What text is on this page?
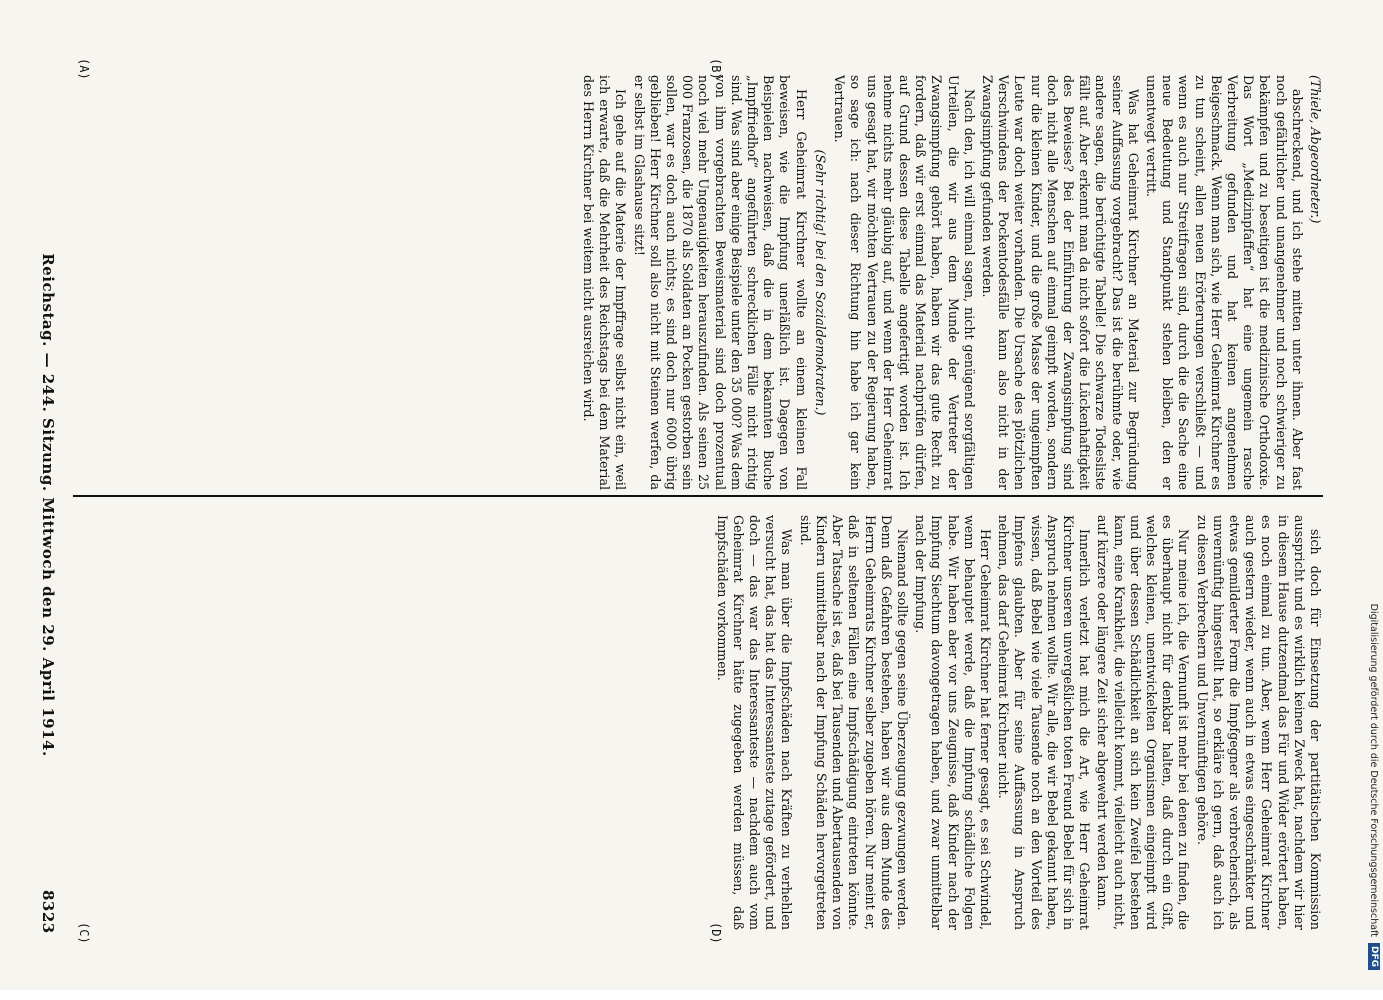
Digitalisierung gefördert durch die Deutsche Forschungsgemeinschaft
DFG
Reichstag. — 244. Sitzung. Mittwoch den 29. April 1914.
8323
(A)	(B)
(C)	(D)

(Thiele, Abgeordneter.)

abschreckend, und ich stehe mitten unter ihnen. Aber fast noch gefährlicher und unangenehmer und noch schwieriger zu bekämpfen und zu beseitigen ist die medizinische Orthodoxie. Das Wort „Medizinpfaffen“ hat eine ungemein rasche Verbreitung gefunden und hat keinen angenehmen Beigeschmack. Wenn man sich, wie Herr Geheimrat Kirchner es zu tun scheint, allen neuen Erörterungen verschließt — und wenn es auch nur Streitfragen sind, durch die die Sache eine neue Bedeutung und Standpunkt stehen bleiben, den er unentwegt vertritt.

Was hat Geheimrat Kirchner an Material zur Begründung seiner Auffassung vorgebracht? Das ist die berühmte oder, wie andere sagen, die berüchtigte Tabelle! Die schwarze Todesliste fällt auf. Aber erkennt man da nicht sofort die Lückenhaftigkeit des Beweises? Bei der Einführung der Zwangsimpfung sind doch nicht alle Menschen auf einmal geimpft worden, sondern nur die kleinen Kinder, und die große Masse der ungeimpften Leute war doch weiter vorhanden. Die Ursache des plötzlichen Verschwindens der Pockentodesfälle kann also nicht in der Zwangsimpfung gefunden werden.

Nach den, ich will einmal sagen, nicht genügend sorgfältigen Urteilen, die wir aus dem Munde der Vertreter der Zwangsimpfung gehört haben, haben wir das gute Recht zu fordern, daß wir erst einmal das Material nachprüfen dürfen, auf Grund dessen diese Tabelle angefertigt worden ist. Ich nehme nichts mehr gläubig auf, und wenn der Herr Geheimrat uns gesagt hat, wir möchten Vertrauen zu der Regierung haben, so sage ich: nach dieser Richtung hin habe ich gar kein Vertrauen.

(Sehr richtig! bei den Sozialdemokraten.)

Herr Geheimrat Kirchner wollte an einem kleinen Fall beweisen, wie die Impfung unerläßlich ist. Dagegen von Beispielen nachweisen, daß die in dem bekannten Buche „Impffriedhof“ angeführten schrecklichen Fälle nicht richtig sind. Was sind aber einige Beispiele unter den 35 000? Was dem von ihm vorgebrachten Beweismaterial sind doch prozentual noch viel mehr Ungenauigkeiten herauszufinden. Als seinen 25 000 Franzosen, die 1870 als Soldaten an Pocken gestorben sein sollen, war es doch auch nichts; es sind doch nur 6000 übrig geblieben! Herr Kirchner soll also nicht mit Steinen werfen, da er selbst im Glashause sitzt!

Ich gehe auf die Materie der Impffrage selbst nicht ein, weil ich erwarte, daß die Mehrheit des Reichstags bei dem Material des Herrn Kirchner bei weitem nicht ausreichen wird.

sich doch für Einsetzung der partitätischen Kommission ausspricht und es wirklich keinen Zweck hat, nachdem wir hier in diesem Hause dutzendmal das Für und Wider erörtert haben, es noch einmal zu tun. Aber, wenn Herr Geheimrat Kirchner auch gestern wieder, wenn auch in etwas eingeschränkter und etwas gemilderter Form die Impfgegner als verbrecherisch, als unvernünftig hingestellt hat, so erkläre ich gern, daß auch ich zu diesen Verbrechern und Unvernünftigen gehöre.

Nur meine ich, die Vernunft ist mehr bei denen zu finden, die es überhaupt nicht für denkbar halten, daß durch ein Gift, welches kleinen, unentwickelten Organismen eingeimpft wird und über dessen Schädlichkeit an sich kein Zweifel bestehen kann, eine Krankheit, die vielleicht kommt, vielleicht auch nicht, auf kürzere oder längere Zeit sicher abgewehrt werden kann.

Innerlich verletzt hat mich die Art, wie Herr Geheimrat Kirchner unseren unvergeßlichen toten Freund Bebel für sich in Anspruch nehmen wollte. Wir alle, die wir Bebel gekannt haben, wissen, daß Bebel wie viele Tausende noch an den Vorteil des Impfens glaubten. Aber für seine Auffassung in Anspruch nehmen, das darf Geheimrat Kirchner nicht.

Herr Geheimrat Kirchner hat ferner gesagt, es sei Schwindel, wenn behauptet werde, daß die Impfung schädliche Folgen habe. Wir haben aber vor uns Zeugnisse, daß Kinder nach der Impfung Siechtum davongetragen haben, und zwar unmittelbar nach der Impfung.

Niemand sollte gegen seine Überzeugung gezwungen werden. Denn daß Gefahren bestehen, haben wir aus dem Munde des Herrn Geheimrats Kirchner selber zugeben hören. Nur meint er, daß in seltenen Fällen eine Impfschädigung eintreten könnte. Aber Tatsache ist es, daß bei Tausenden und Abertausenden von Kindern unmittelbar nach der Impfung Schäden hervorgetreten sind.

Was man über die Impfschäden nach Kräften zu verhehlen versucht hat, das hat das Interessanteste zutage gefördert, und doch — das war das Interessanteste — nachdem auch vom Geheimrat Kirchner hätte zugegeben werden müssen, daß Impfschäden vorkommen.
